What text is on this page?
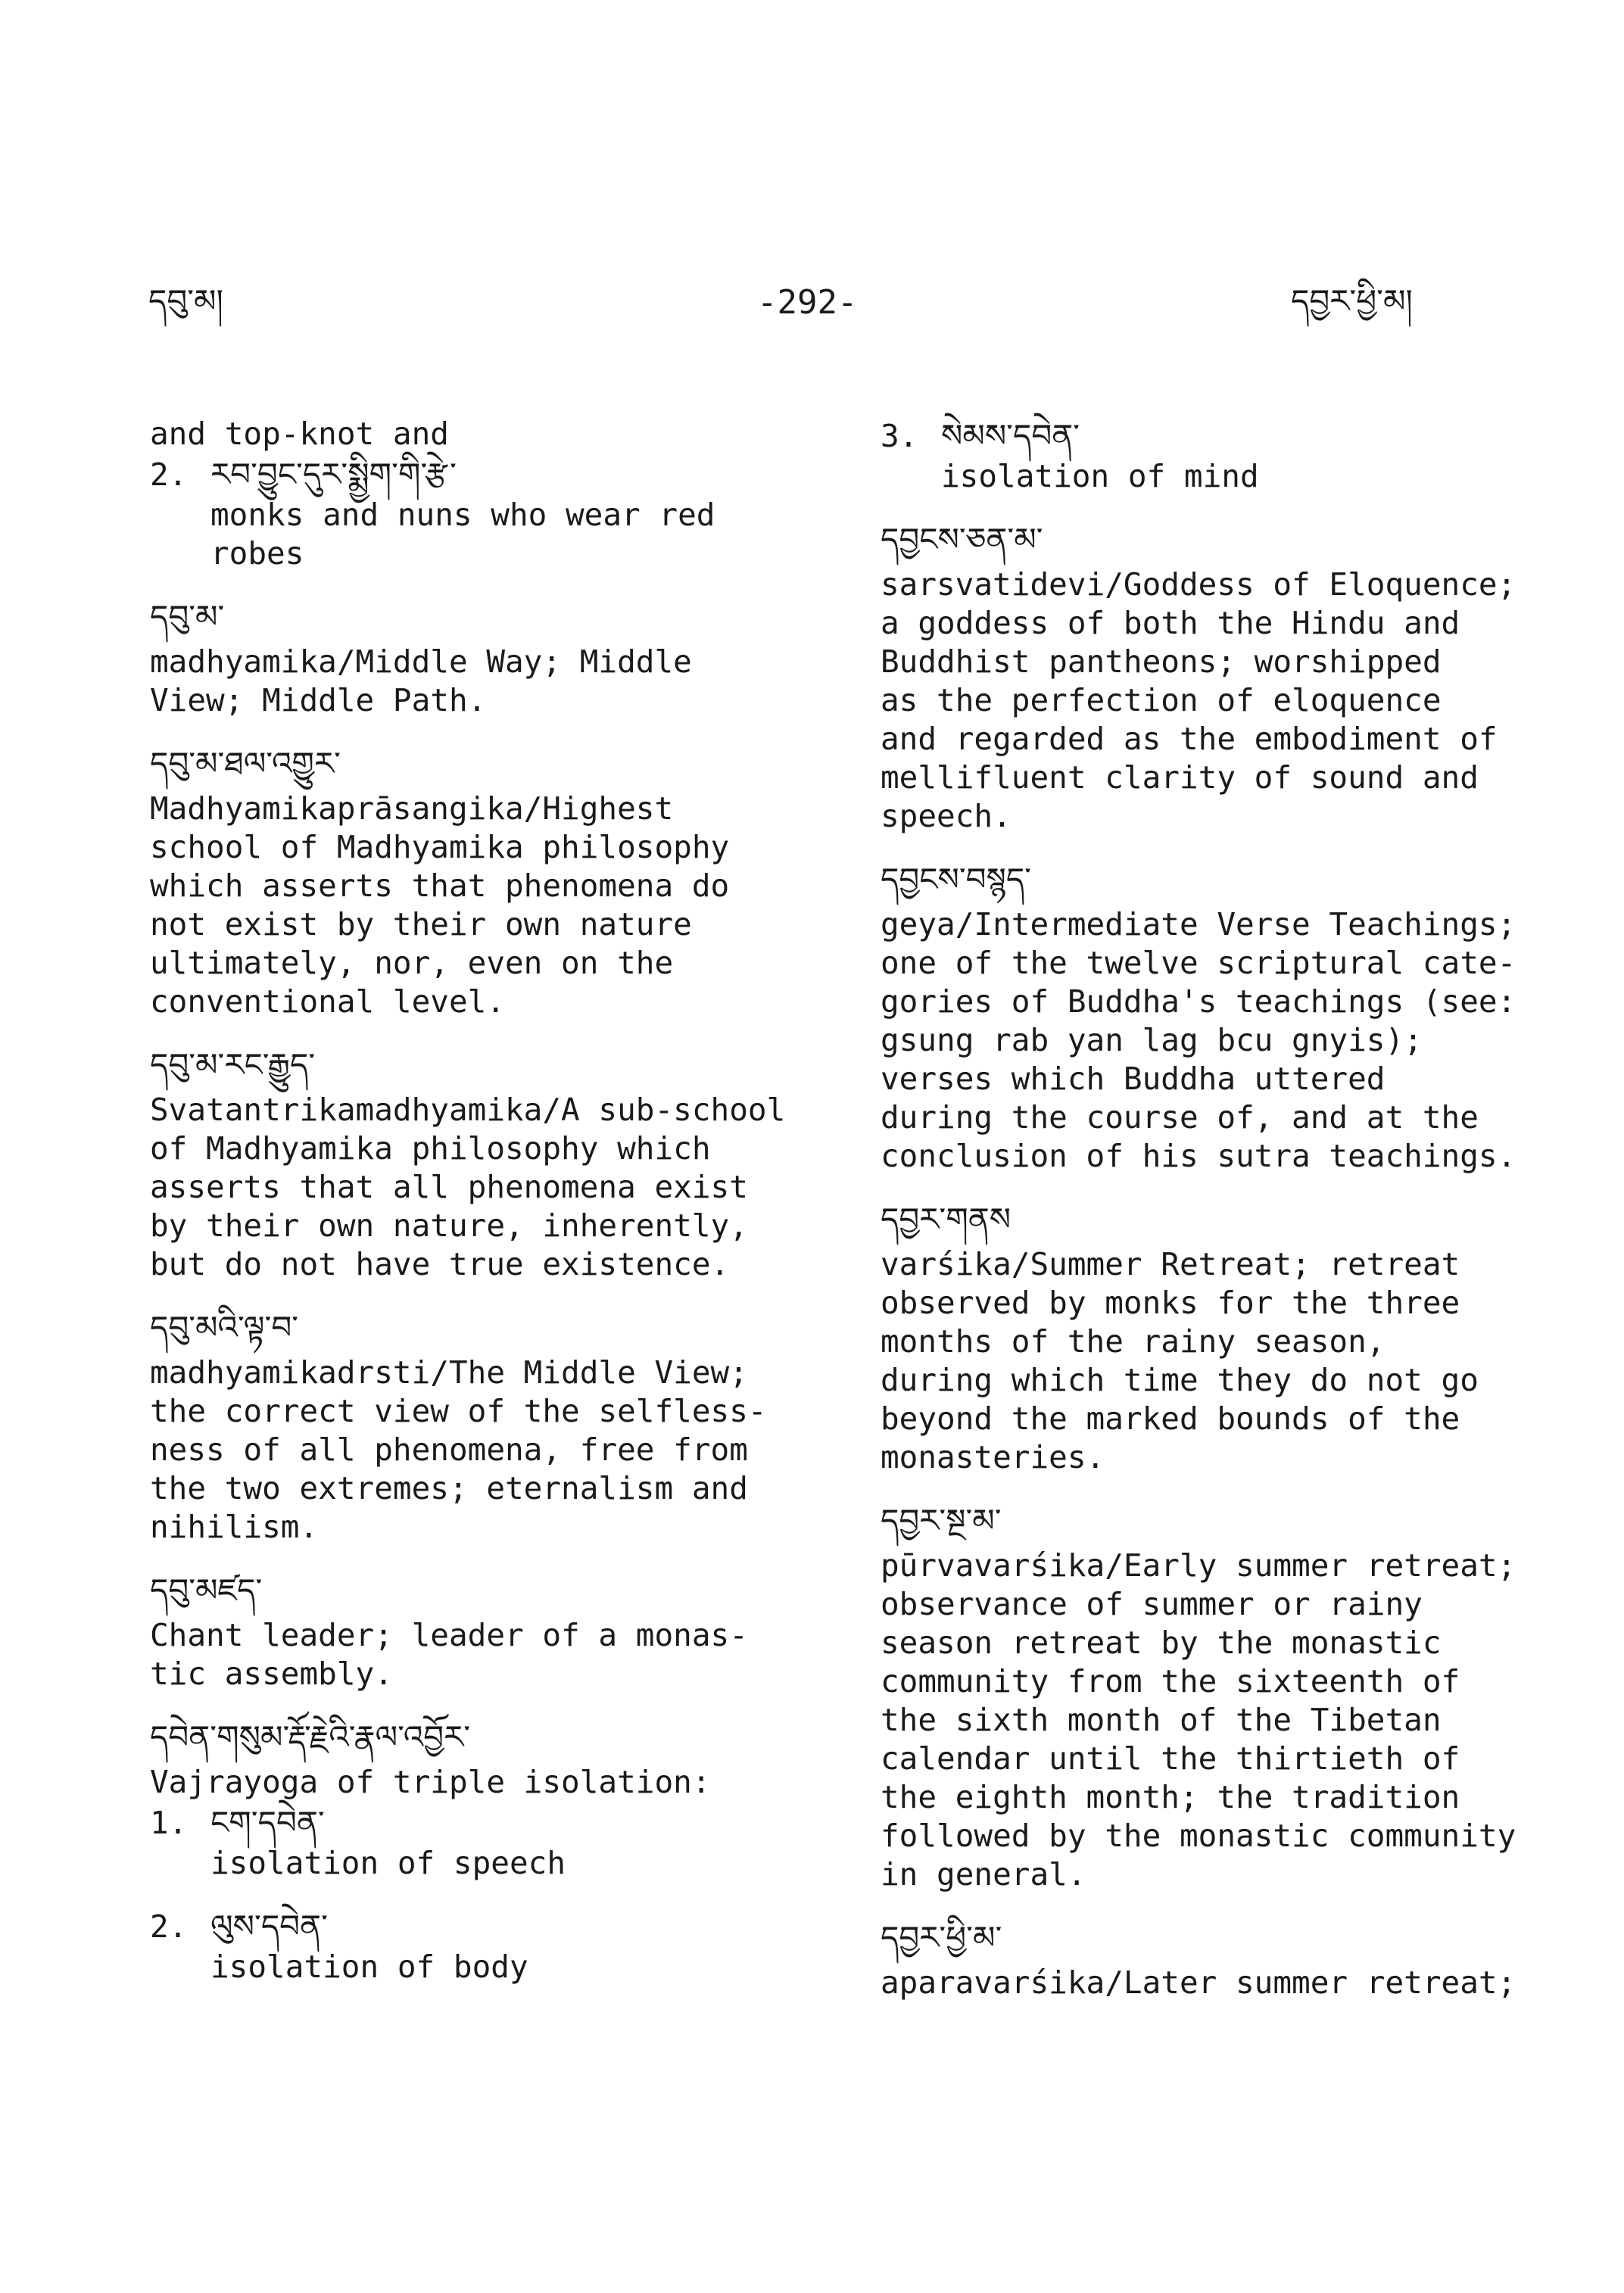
དབུ་མ།	-292-	དབྱར་ཕྱི་མ།
and top-knot and
2. རབ་བྱུང་དུར་སྨྱིག་གི་རྩེ་
monks and nuns who wear red
robes
དབུ་མ་
madhyamika/Middle Way; Middle
View; Middle Path.
དབུ་མ་ཐལ་འགྱུར་
Madhyamikaprāsangika/Highest
school of Madhyamika philosophy
which asserts that phenomena do
not exist by their own nature
ultimately, nor, even on the
conventional level.
དབུ་མ་རང་རྒྱུད་
Svatantrikamadhyamika/A sub-school
of Madhyamika philosophy which
asserts that all phenomena exist
by their own nature, inherently,
but do not have true existence.
དབུ་མའི་ལྟ་བ་
madhyamikadrsti/The Middle View;
the correct view of the selfless-
ness of all phenomena, free from
the two extremes; eternalism and
nihilism.
དབུ་མཛད་
Chant leader; leader of a monas-
tic assembly.
དབེན་གསུམ་རྡོ་རྗེའི་རྣལ་འབྱོར་
Vajrayoga of triple isolation:
1. ངག་དབེན་
isolation of speech
2. ལུས་དབེན་
isolation of body
3. སེམས་དབེན་
isolation of mind
དབྱངས་ཅན་མ་
sarsvatidevi/Goddess of Eloquence;
a goddess of both the Hindu and
Buddhist pantheons; worshipped
as the perfection of eloquence
and regarded as the embodiment of
mellifluent clarity of sound and
speech.
དབྱངས་བསྙད་
geya/Intermediate Verse Teachings;
one of the twelve scriptural cate-
gories of Buddha's teachings (see:
gsung rab yan lag bcu gnyis);
verses which Buddha uttered
during the course of, and at the
conclusion of his sutra teachings.
དབྱར་གནས
varśika/Summer Retreat; retreat
observed by monks for the three
months of the rainy season,
during which time they do not go
beyond the marked bounds of the
monasteries.
དབྱར་སྔ་མ་
pūrvavarśika/Early summer retreat;
observance of summer or rainy
season retreat by the monastic
community from the sixteenth of
the sixth month of the Tibetan
calendar until the thirtieth of
the eighth month; the tradition
followed by the monastic community
in general.
དབྱར་ཕྱི་མ་
aparavarśika/Later summer retreat;
